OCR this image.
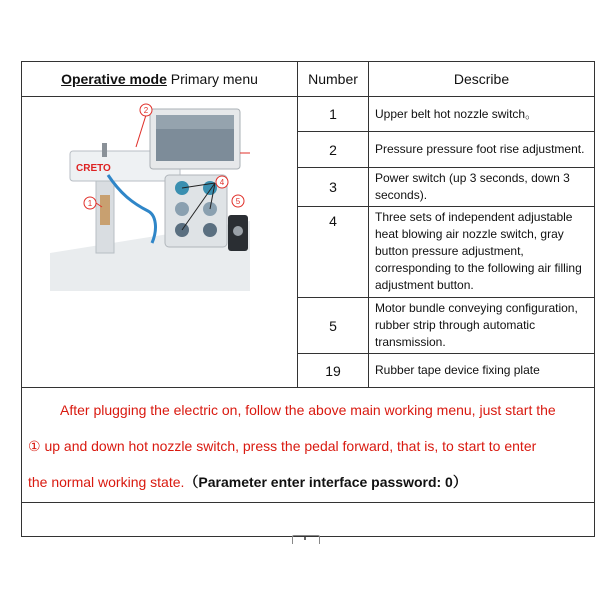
Operative mode Primary menu	Number	Describe

CRETO
2
1
4
5	1	Upper belt hot nozzle switch。
	2	Pressure pressure foot rise adjustment.
	3	Power switch (up 3 seconds, down 3 seconds).
	4	Three sets of independent adjustable heat blowing air nozzle switch, gray button pressure adjustment, corresponding to the following air filling adjustment button.
	5	Motor bundle conveying configuration, rubber strip through automatic transmission.
	19	Rubber tape device fixing plate
After plugging the electric on, follow the above main working menu, just start the
① up and down hot nozzle switch, press the pedal forward, that is, to start to enter
the normal working state.（Parameter enter interface password: 0）		
